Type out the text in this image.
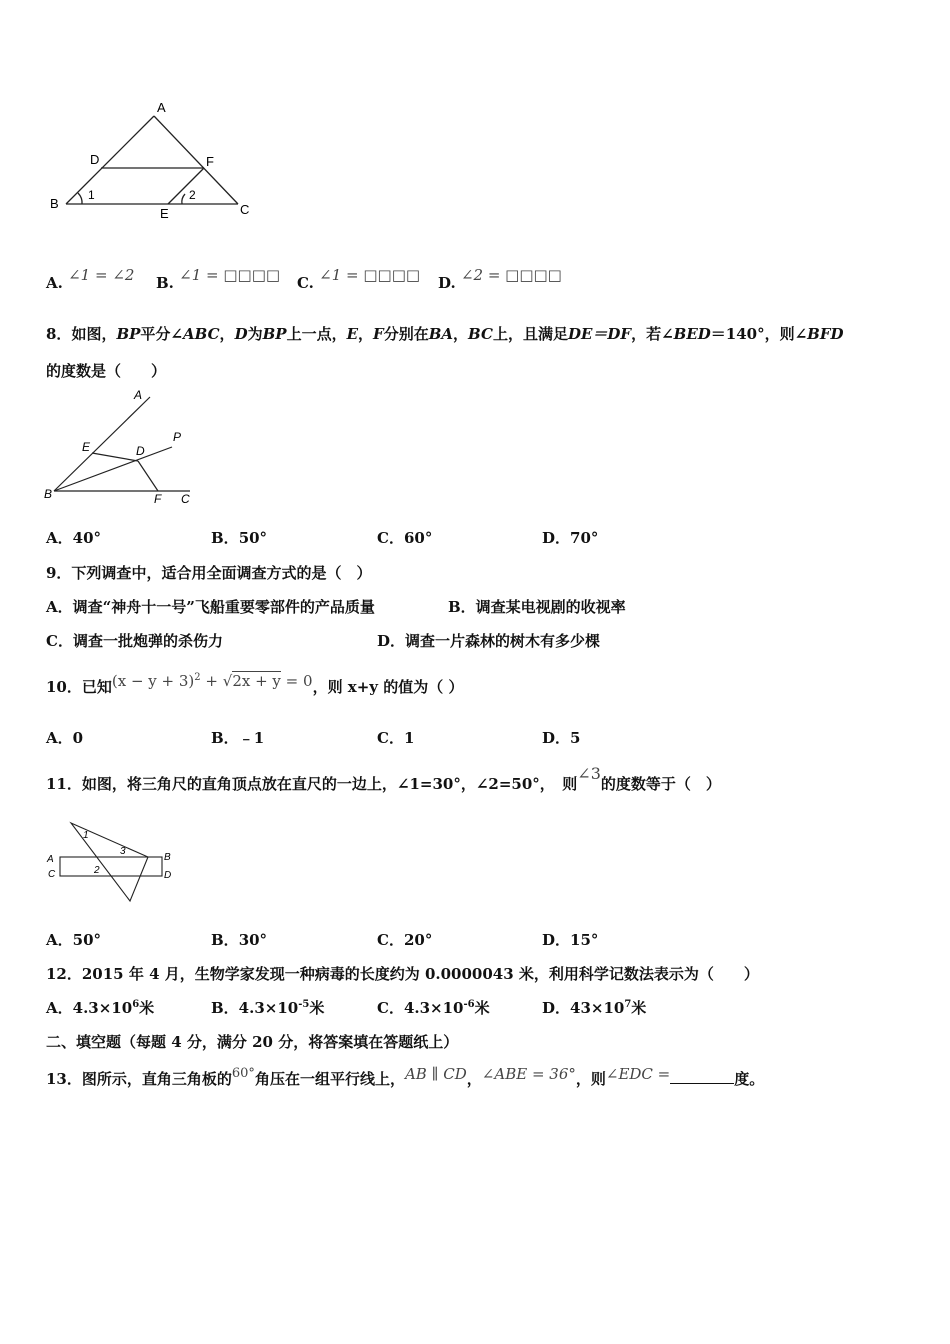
A
D	F
B
E	C
1	2
A. ∠1 = ∠2 B. ∠1 = □□□□ C. ∠1 = □□□□ D. ∠2 = □□□□
8．如图，BP平分∠ABC，D为BP上一点，E，F分别在BA，BC上，且满足DE＝DF，若∠BED＝140°，则∠BFD
的度数是（　　）
A
E	D
P
B	F C
A．40°	B．50°	C．60°	D．70°
9．下列调查中，适合用全面调查方式的是（　）
A．调查“神舟十一号”飞船重要零部件的产品质量	B．调查某电视剧的收视率
C．调查一批炮弹的杀伤力	D．调查一片森林的树木有多少棵
10．已知$(x - y + 3)^2 + √2x + y = 0$，则 x+y 的值为（ ）
A．0	B．﹣1	C．1	D．5
11．如图，将三角尺的直角顶点放在直尺的一边上，∠1=30°，∠2=50°，　则∠3的度数等于（　）
A
C
B
D
1
2
3
A．50°	B．30°	C．20°	D．15°
12．2015 年 4 月，生物学家发现一种病毒的长度约为 0.0000043 米，利用科学记数法表示为（　　）
A．$4.3\times 10^6$米	B．$4.3\times 10^{-5}$米	C．$4.3\times 10^{-6}$米	D．$43\times 10^7$米
二、填空题（每题 4 分，满分 20 分，将答案填在答题纸上）
13．图所示，直角三角板的60°角压在一组平行线上，AB ∥ CD，∠ABE = 36°，则∠EDC =	度。
